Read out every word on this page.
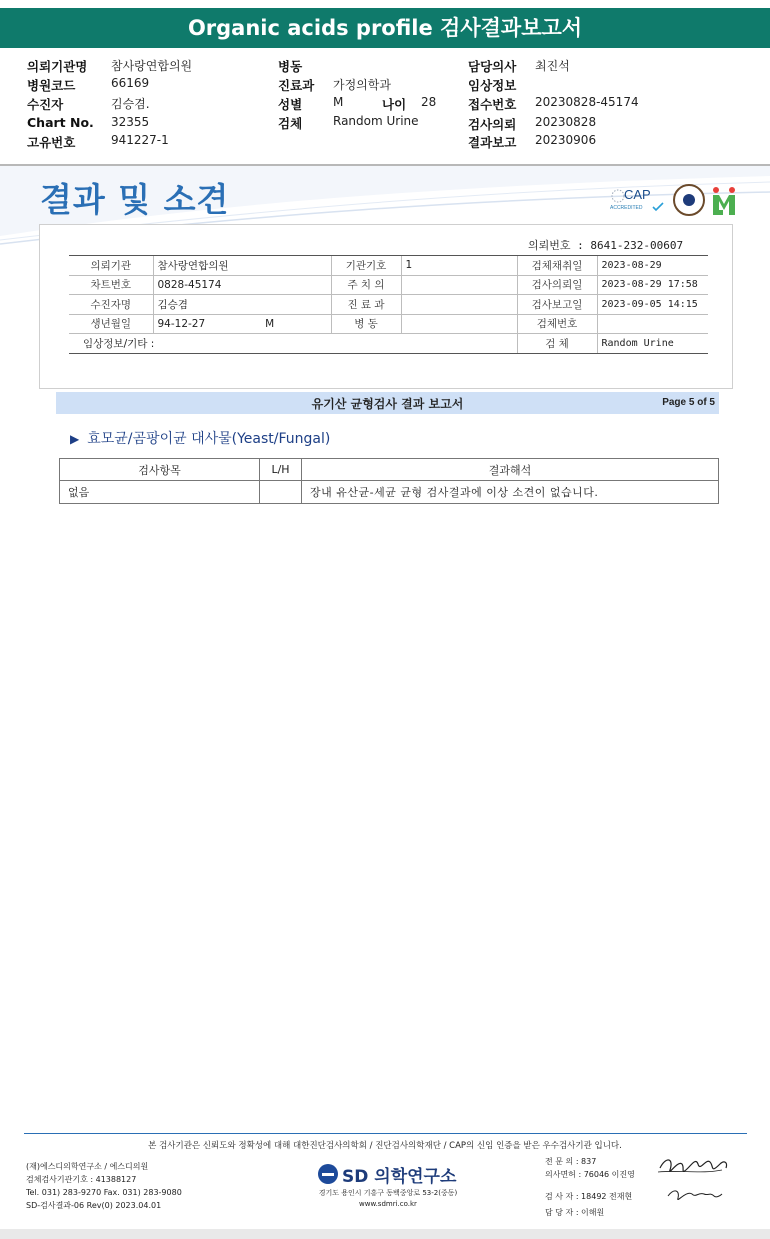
Organic acids profile 검사결과보고서
의뢰기관명 참사랑연합의원
병원코드	66169
수진자	김승겸.
Chart No. 32355
고유번호	941227-1
병동
진료과 가정의학과
성별	M	나이 28
검체	Random Urine
담당의사 최진석
임상정보
접수번호 20230828-45174
검사의뢰 20230828
결과보고 20230906
결과 및 소견	CAP
ACCREDITED
의뢰번호 : 8641-232-00607
의뢰기관	참사랑연합의원	기관기호	1	검체채취일	2023-08-29
차트번호	0828-45174	주 치 의		검사의뢰일	2023-08-29 17:58
수진자명	김승겸	진 료 과		검사보고일	2023-09-05 14:15
생년월일	94-12-27 M	병 동		검체번호	
임상정보/기타 :				검 체	Random Urine
유기산 균형검사 결과 보고서	Page 5 of 5
▶ 효모균/곰팡이균 대사물(Yeast/Fungal)
검사항목	L/H	결과해석
없음		장내 유산균-세균 균형 검사결과에 이상 소견이 없습니다.
본 검사기관은 신뢰도와 정확성에 대해 대한진단검사의학회 / 진단검사의학재단 / CAP의 신임 인증을 받은 우수검사기관 입니다.
(재)에스디의학연구소 / 에스디의원
검체검사기관기호 : 41388127
Tel. 031) 283-9270 Fax. 031) 283-9080
SD-검사결과-06 Rev(0) 2023.04.01
SD 의학연구소
경기도 용인시 기흥구 동백중앙로 53-2(중동)
www.sdmri.co.kr
전 문 의 : 837
의사면허 : 76046 이진영
검 사 자 : 18492 전재현
담 당 자 : 이해원
